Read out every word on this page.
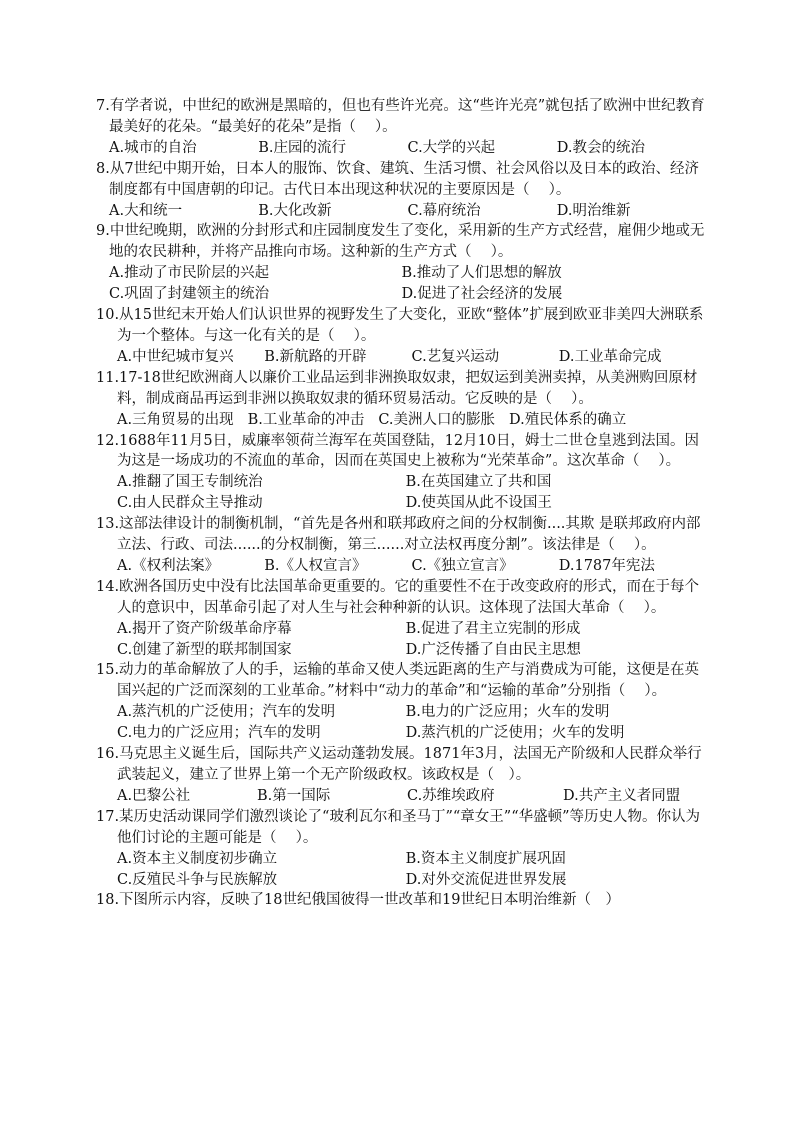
7.有学者说，中世纪的欧洲是黑暗的，但也有些许光亮。这“些许光亮”就包括了欧洲中世纪教育最美好的花朵。“最美好的花朵”是指（　 ）。
A.城市的自治	B.庄园的流行	C.大学的兴起	D.教会的统治
8.从7世纪中期开始，日本人的服饰、饮食、建筑、生活习惯、社会风俗以及日本的政治、经济制度都有中国唐朝的印记。古代日本出现这种状况的主要原因是（　 ）。
A.大和统一	B.大化改新	C.幕府统治	D.明治维新
9.中世纪晚期，欧洲的分封形式和庄园制度发生了变化，采用新的生产方式经营，雇佣少地或无地的农民耕种，并将产品推向市场。这种新的生产方式（　 ）。
A.推动了市民阶层的兴起	B.推动了人们思想的解放
C.巩固了封建领主的统治	D.促进了社会经济的发展
10.从15世纪末开始人们认识世界的视野发生了大变化，亚欧“整体”扩展到欧亚非美四大洲联系为一个整体。与这一化有关的是（　 ）。
A.中世纪城市复兴	B.新航路的开辟	C.艺复兴运动	D.工业革命完成
11.17-18世纪欧洲商人以廉价工业品运到非洲换取奴隶，把奴运到美洲卖掉，从美洲购回原材料，制成商品再运到非洲以换取奴隶的循环贸易活动。它反映的是（　 ）。
A.三角贸易的出现 B.工业革命的冲击 C.美洲人口的膨胀 D.殖民体系的确立
12.1688年11月5日，威廉率领荷兰海军在英国登陆，12月10日，姆士二世仓皇逃到法国。因为这是一场成功的不流血的革命，因而在英国史上被称为“光荣革命”。这次革命（　 ）。
A.推翻了国王专制统治	B.在英国建立了共和国
C.由人民群众主导推动	D.使英国从此不设国王
13.这部法律设计的制衡机制，“首先是各州和联邦政府之间的分权制衡....其欺 是联邦政府内部立法、行政、司法......的分权制衡，第三......对立法权再度分割”。该法律是（　 ）。
A.《权利法案》	B.《人权宣言》	C.《独立宣言》	D.1787年宪法
14.欧洲各国历史中没有比法国革命更重要的。它的重要性不在于改变政府的形式，而在于每个人的意识中，因革命引起了对人生与社会种种新的认识。这体现了法国大革命（　 ）。
A.揭开了资产阶级革命序幕	B.促进了君主立宪制的形成
C.创建了新型的联邦制国家	D.广泛传播了自由民主思想
15.动力的革命解放了人的手，运输的革命又使人类远距离的生产与消费成为可能，这便是在英国兴起的广泛而深刻的工业革命。”材料中“动力的革命”和“运输的革命”分别指（　 ）。
A.蒸汽机的广泛使用；汽车的发明	B.电力的广泛应用；火车的发明
C.电力的广泛应用；汽车的发明	D.蒸汽机的广泛使用；火车的发明
16.马克思主义诞生后，国际共产义运动蓬勃发展。1871年3月，法国无产阶级和人民群众举行武装起义，建立了世界上第一个无产阶级政权。该政权是（　）。
A.巴黎公社	B.第一国际	C.苏维埃政府	D.共产主义者同盟
17.某历史活动课同学们激烈谈论了“玻利瓦尔和圣马丁”“章女王”“华盛顿”等历史人物。你认为他们讨论的主题可能是（　 ）。
A.资本主义制度初步确立	B.资本主义制度扩展巩固
C.反殖民斗争与民族解放	D.对外交流促进世界发展
18.下图所示内容，反映了18世纪俄国彼得一世改革和19世纪日本明治维新（　）
